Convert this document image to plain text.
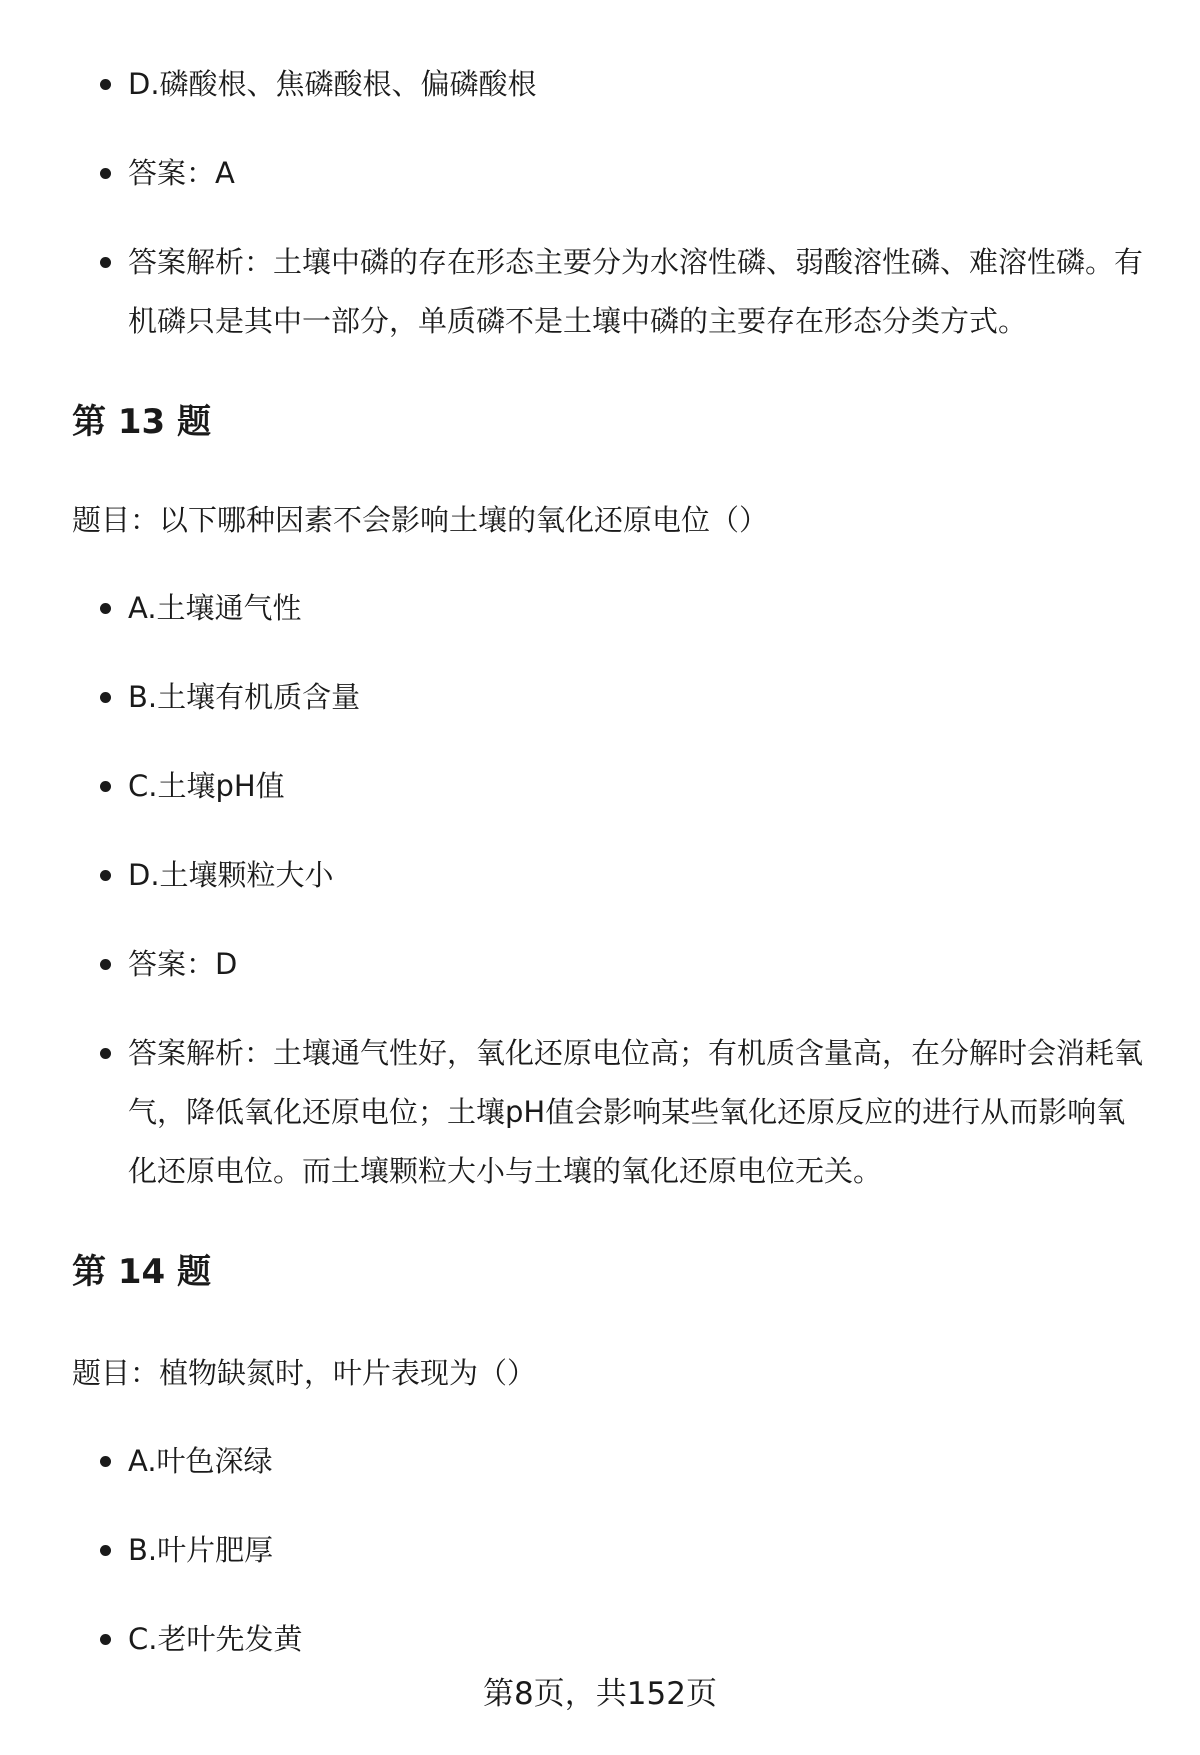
D.磷酸根、焦磷酸根、偏磷酸根
答案：A
答案解析：土壤中磷的存在形态主要分为水溶性磷、弱酸溶性磷、难溶性磷。有机磷只是其中一部分，单质磷不是土壤中磷的主要存在形态分类方式。
第 13 题

题目：以下哪种因素不会影响土壤的氧化还原电位（）

A.土壤通气性
B.土壤有机质含量
C.土壤pH值
D.土壤颗粒大小
答案：D
答案解析：土壤通气性好，氧化还原电位高；有机质含量高，在分解时会消耗氧气，降低氧化还原电位；土壤pH值会影响某些氧化还原反应的进行从而影响氧化还原电位。而土壤颗粒大小与土壤的氧化还原电位无关。
第 14 题

题目：植物缺氮时，叶片表现为（）

A.叶色深绿
B.叶片肥厚
C.老叶先发黄
第8页，共152页
